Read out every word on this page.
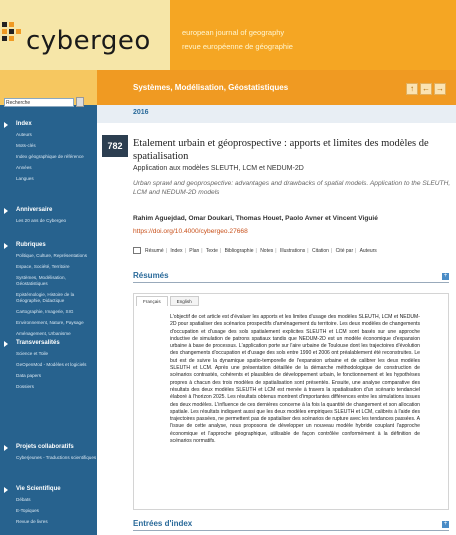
cybergeo	european journal of geography
revue européenne de géographie
Systèmes, Modélisation, Géostatistiques	↑	← →
Recherche
Index
Auteurs
Mots-clés
Index géographique de référence
Années
Langues
Anniversaire
Les 20 ans de Cybergeo
Rubriques
Politique, Culture, Représentations
Espace, Société, Territoire
Systèmes, Modélisation, Géostatistiques
Epistémologie, Histoire de la Géographie, Didactique
Cartographie, Imagerie, SIG
Environnement, Nature, Paysage
Aménagement, Urbanisme
Transversalités
Science et Toile
GeOpenMod - Modèles et logiciels
Data papers
Dossiers
Projets collaboratifs
Cyberjeunes - Traductions scientifiques
Vie Scientifique
Débats
E-Topiques
Revue de livres
2016
782 Etalement urbain et géoprospective : apports et limites des modèles de spatialisation
Application aux modèles SLEUTH, LCM et NEDUM-2D
Urban sprawl and geoprospective: advantages and drawbacks of spatial models. Application to the SLEUTH, LCM and NEDUM-2D models
Rahim Aguejdad, Omar Doukari, Thomas Houet, Paolo Avner et Vincent Viguié
https://doi.org/10.4000/cybergeo.27668
Résumé | Index | Plan | Texte | Bibliographie | Notes | Illustrations | Citation | Cité par | Auteurs
Résumés	+
Français	English
L'objectif de cet article est d'évaluer les apports et les limites d'usage des modèles SLEUTH, LCM et NEDUM-2D pour spatialiser des scénarios prospectifs d'aménagement du territoire. Les deux modèles de changements d'occupation et d'usage des sols spatialement explicites SLEUTH et LCM sont basés sur une approche inductive de simulation de patrons spatiaux tandis que NEDUM-2D est un modèle économique d'expansion urbaine à base de processus. L'application porte sur l'aire urbaine de Toulouse dont les trajectoires d'évolution des changements d'occupation et d'usage des sols entre 1990 et 2006 ont préalablement été reconstruites. Le but est de suivre la dynamique spatio-temporelle de l'expansion urbaine et de calibrer les deux modèles SLEUTH et LCM. Après une présentation détaillée de la démarche méthodologique de construction de scénarios contrastés, cohérents et plausibles de développement urbain, le fonctionnement et les hypothèses propres à chacun des trois modèles de spatialisation sont présentés. Ensuite, une analyse comparative des résultats des deux modèles SLEUTH et LCM est menée à travers la spatialisation d'un scénario tendanciel élaboré à l'horizon 2025. Les résultats obtenus montrent d'importantes différences entre les simulations issues des deux modèles. L'influence de ces dernières concerne à la fois la quantité de changement et son allocation spatiale. Les résultats indiquent aussi que les deux modèles empiriques SLEUTH et LCM, calibrés à l'aide des trajectoires passées, ne permettent pas de spatialiser des scénarios de rupture avec les tendances passées. A l'issue de cette analyse, nous proposons de développer un nouveau modèle hybride couplant l'approche économique et l'approche géographique, utilisable de façon contrôlée conformément à la définition de scénarios normatifs.
Entrées d'index	+
